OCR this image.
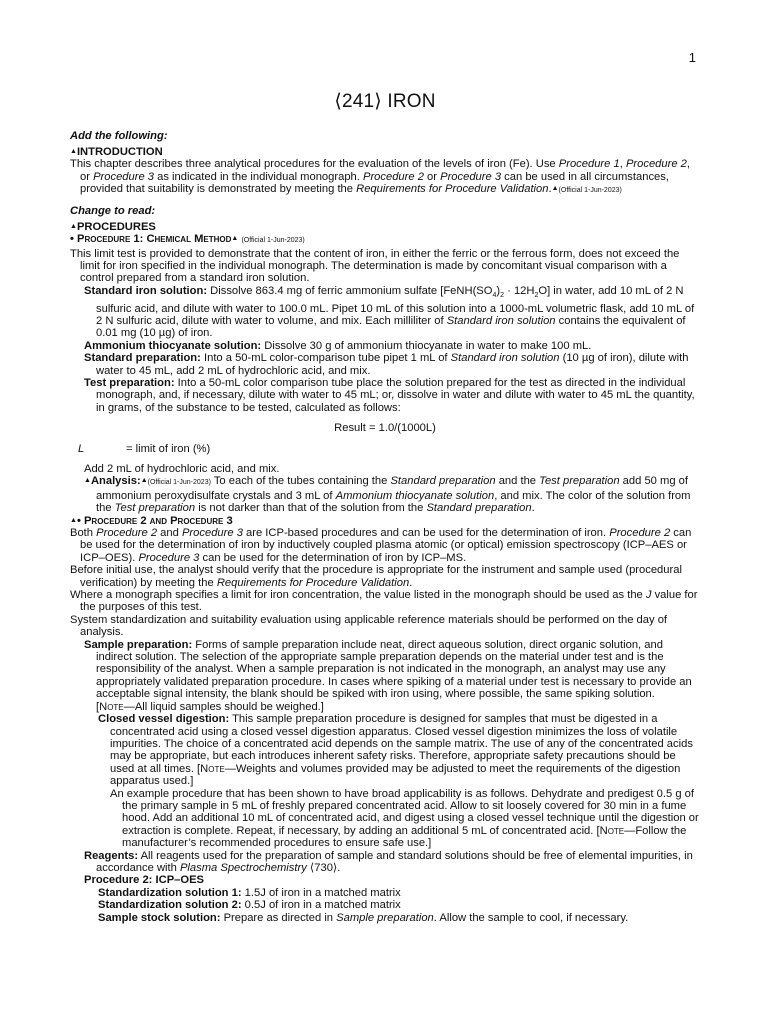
1
⟨241⟩ IRON
Add the following:
▲INTRODUCTION

This chapter describes three analytical procedures for the evaluation of the levels of iron (Fe). Use Procedure 1, Procedure 2, or Procedure 3 as indicated in the individual monograph. Procedure 2 or Procedure 3 can be used in all circumstances, provided that suitability is demonstrated by meeting the Requirements for Procedure Validation.▲(Official 1-Jun-2023)

Change to read:
▲PROCEDURES
• Procedure 1: Chemical Method▲ (Official 1-Jun-2023)

This limit test is provided to demonstrate that the content of iron, in either the ferric or the ferrous form, does not exceed the limit for iron specified in the individual monograph. The determination is made by concomitant visual comparison with a control prepared from a standard iron solution.

Standard iron solution: Dissolve 863.4 mg of ferric ammonium sulfate $[FeNH(SO_4)_2 \cdot 12H_2O]$ in water, add 10 mL of 2 N sulfuric acid, and dilute with water to 100.0 mL. Pipet 10 mL of this solution into a 1000-mL volumetric flask, add 10 mL of 2 N sulfuric acid, dilute with water to volume, and mix. Each milliliter of Standard iron solution contains the equivalent of 0.01 mg (10 µg) of iron.

Ammonium thiocyanate solution: Dissolve 30 g of ammonium thiocyanate in water to make 100 mL.

Standard preparation: Into a 50-mL color-comparison tube pipet 1 mL of Standard iron solution (10 µg of iron), dilute with water to 45 mL, add 2 mL of hydrochloric acid, and mix.

Test preparation: Into a 50-mL color comparison tube place the solution prepared for the test as directed in the individual monograph, and, if necessary, dilute with water to 45 mL; or, dissolve in water and dilute with water to 45 mL the quantity, in grams, of the substance to be tested, calculated as follows:

Result = 1.0/(1000L)
L	= limit of iron (%)

Add 2 mL of hydrochloric acid, and mix.

▲Analysis:▲(Official 1-Jun-2023) To each of the tubes containing the Standard preparation and the Test preparation add 50 mg of ammonium peroxydisulfate crystals and 3 mL of Ammonium thiocyanate solution, and mix. The color of the solution from the Test preparation is not darker than that of the solution from the Standard preparation.

▲• Procedure 2 and Procedure 3

Both Procedure 2 and Procedure 3 are ICP-based procedures and can be used for the determination of iron. Procedure 2 can be used for the determination of iron by inductively coupled plasma atomic (or optical) emission spectroscopy (ICP–AES or ICP–OES). Procedure 3 can be used for the determination of iron by ICP–MS.

Before initial use, the analyst should verify that the procedure is appropriate for the instrument and sample used (procedural verification) by meeting the Requirements for Procedure Validation.

Where a monograph specifies a limit for iron concentration, the value listed in the monograph should be used as the J value for the purposes of this test.

System standardization and suitability evaluation using applicable reference materials should be performed on the day of analysis.

Sample preparation: Forms of sample preparation include neat, direct aqueous solution, direct organic solution, and indirect solution. The selection of the appropriate sample preparation depends on the material under test and is the responsibility of the analyst. When a sample preparation is not indicated in the monograph, an analyst may use any appropriately validated preparation procedure. In cases where spiking of a material under test is necessary to provide an acceptable signal intensity, the blank should be spiked with iron using, where possible, the same spiking solution.

[Note—All liquid samples should be weighed.]

Closed vessel digestion: This sample preparation procedure is designed for samples that must be digested in a concentrated acid using a closed vessel digestion apparatus. Closed vessel digestion minimizes the loss of volatile impurities. The choice of a concentrated acid depends on the sample matrix. The use of any of the concentrated acids may be appropriate, but each introduces inherent safety risks. Therefore, appropriate safety precautions should be used at all times. [Note—Weights and volumes provided may be adjusted to meet the requirements of the digestion apparatus used.]

An example procedure that has been shown to have broad applicability is as follows. Dehydrate and predigest 0.5 g of the primary sample in 5 mL of freshly prepared concentrated acid. Allow to sit loosely covered for 30 min in a fume hood. Add an additional 10 mL of concentrated acid, and digest using a closed vessel technique until the digestion or extraction is complete. Repeat, if necessary, by adding an additional 5 mL of concentrated acid. [Note—Follow the manufacturer’s recommended procedures to ensure safe use.]

Reagents: All reagents used for the preparation of sample and standard solutions should be free of elemental impurities, in accordance with Plasma Spectrochemistry ⟨730⟩.

Procedure 2: ICP–OES

Standardization solution 1: 1.5J of iron in a matched matrix

Standardization solution 2: 0.5J of iron in a matched matrix

Sample stock solution: Prepare as directed in Sample preparation. Allow the sample to cool, if necessary.
